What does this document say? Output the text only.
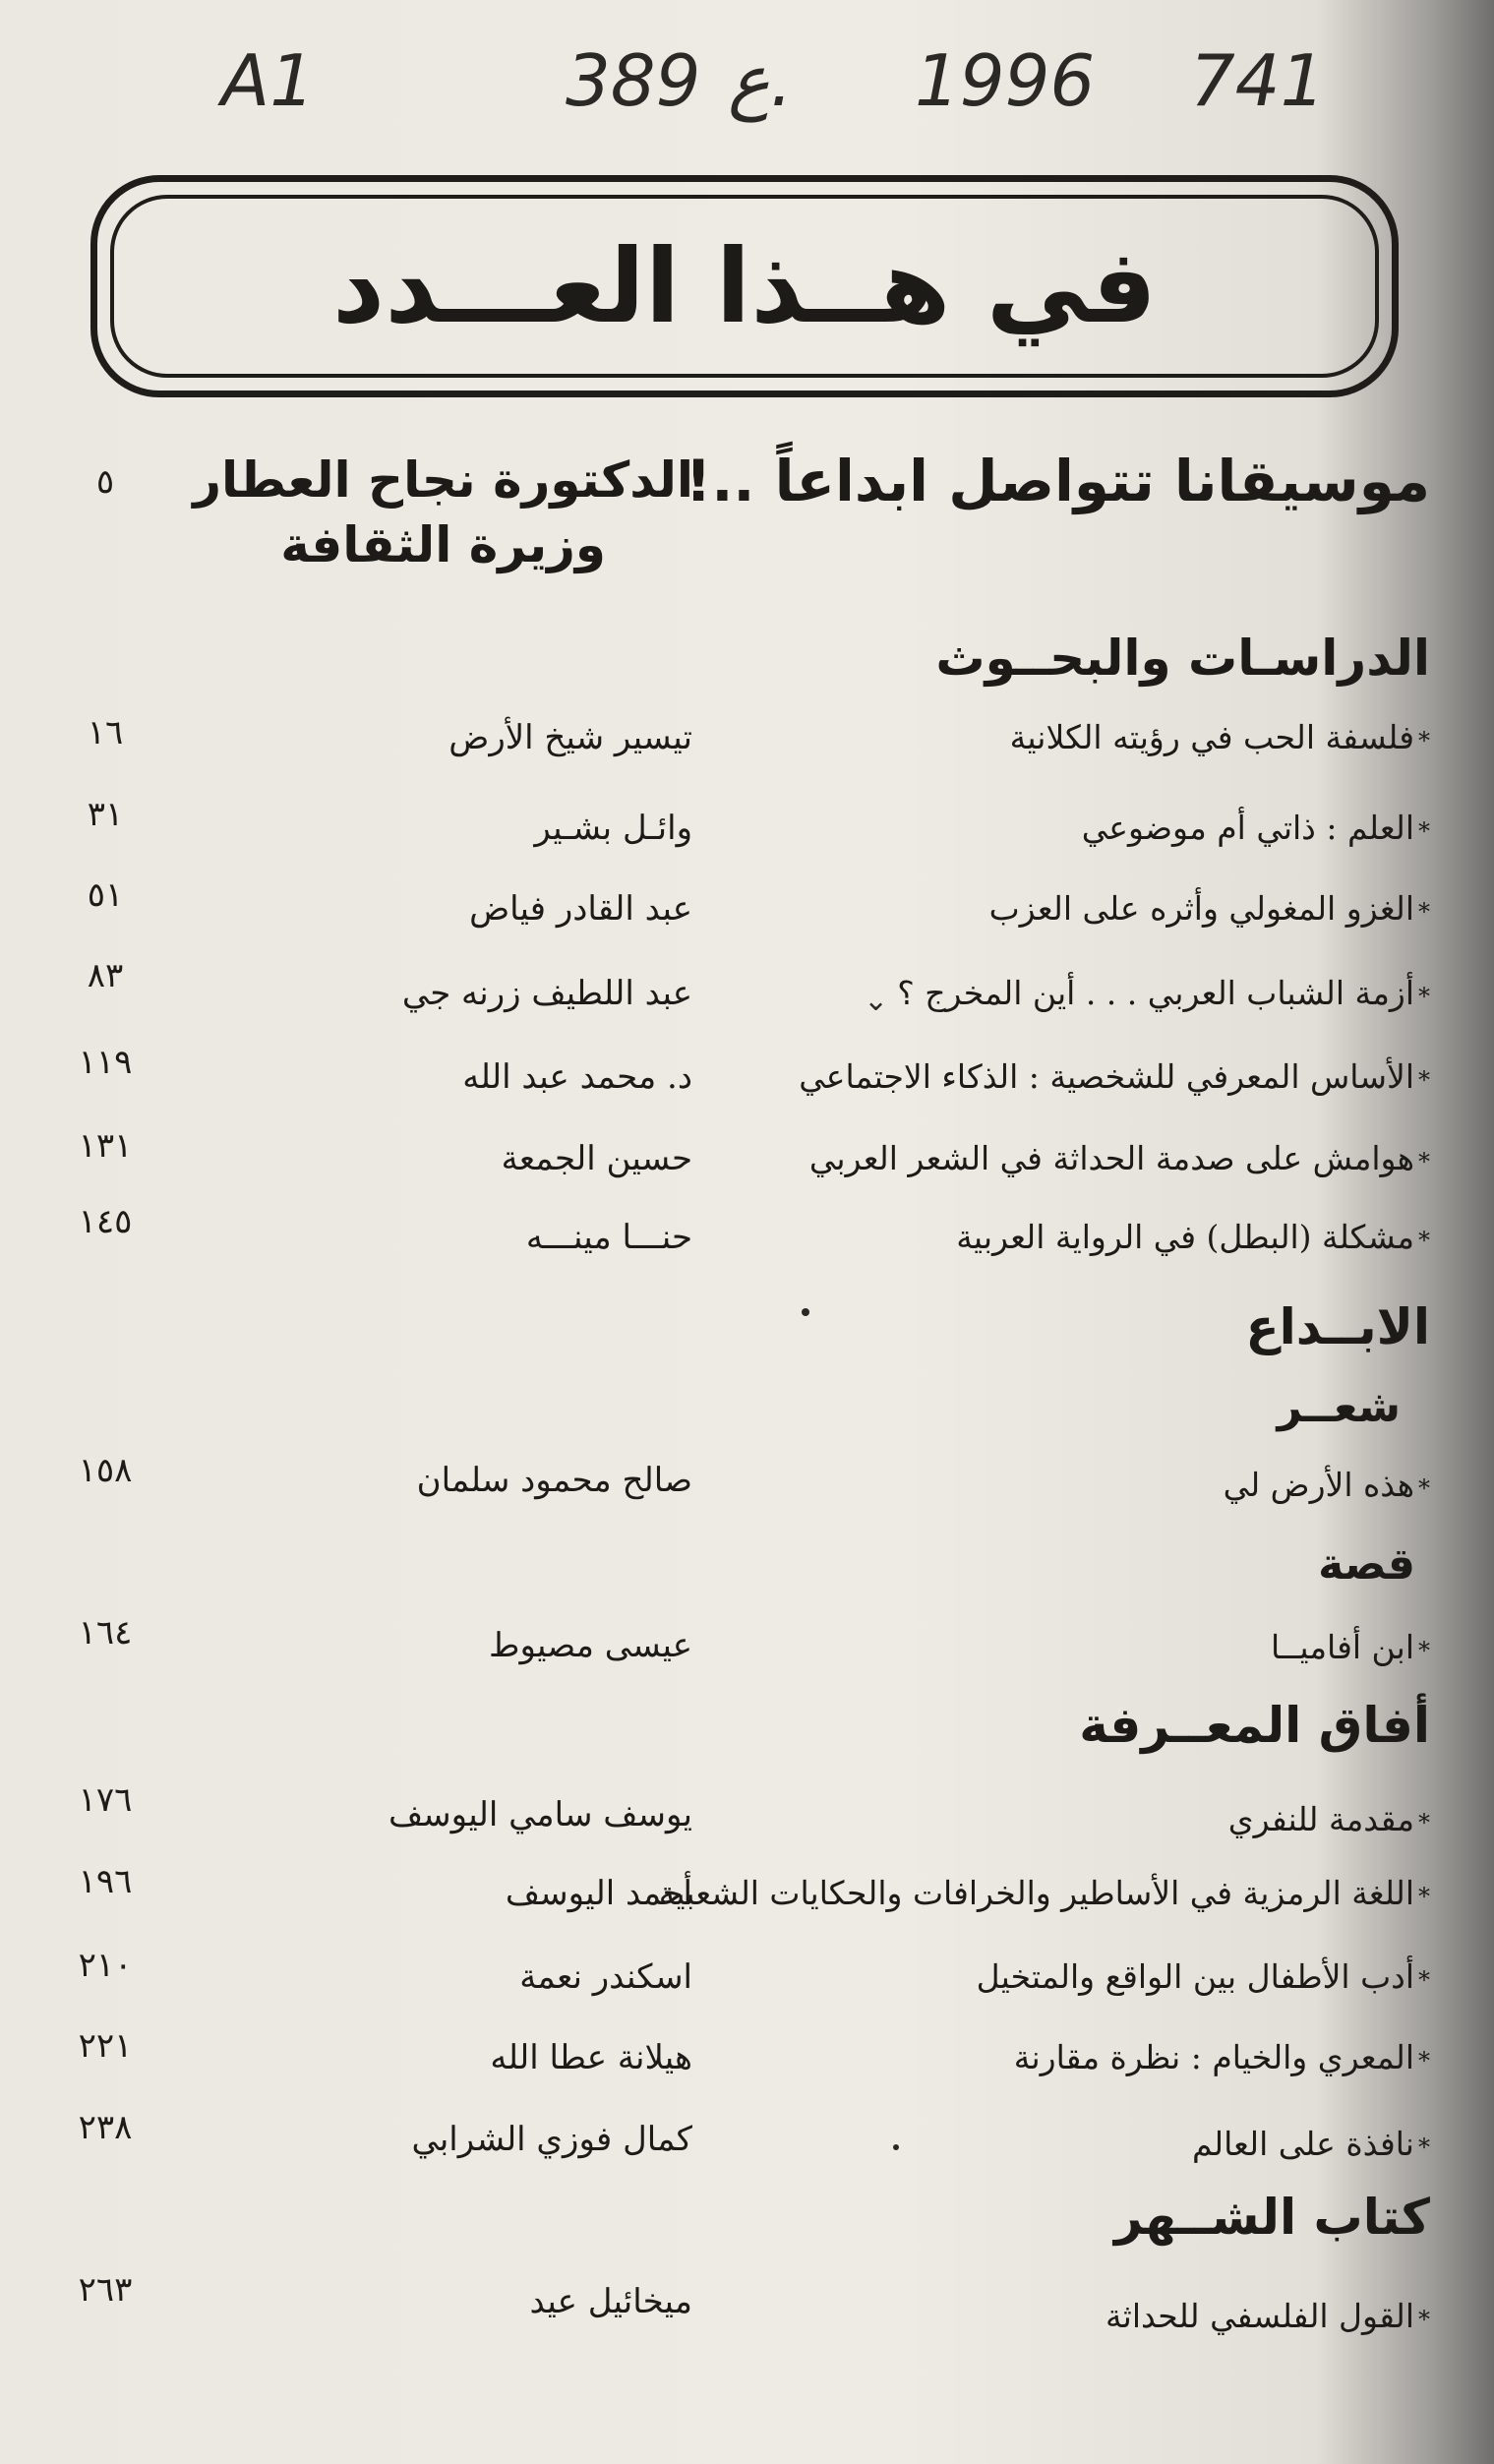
A1	389 ع. 1996 741
في هــذا العـــدد
موسيقانا تتواصل ابداعاً ..!
الدكتورة نجاح العطار
وزيرة الثقافة
٥
الدراسـات والبحــوث
*فلسفة الحب في رؤيته الكلانية
تيسير شيخ الأرض
١٦
*العلم : ذاتي أم موضوعي
وائـل بشـير
٣١
*الغزو المغولي وأثره على العزب
عبد القادر فياض
٥١
*أزمة الشباب العربي . . . أين المخرج ؟
عبد اللطيف زرنه جي
٨٣
⌄
*الأساس المعرفي للشخصية : الذكاء الاجتماعي
د. محمد عبد الله
١١٩
*هوامش على صدمة الحداثة في الشعر العربي
حسين الجمعة
١٣١
*مشكلة (البطل) في الرواية العربية
حنـــا مينـــه
١٤٥
الابــداع
شعــر
*هذه الأرض لي
صالح محمود سلمان
١٥٨
قصة
*ابن أفاميــا
عيسى مصيوط
١٦٤
أفاق المعــرفة
*مقدمة للنفري
يوسف سامي اليوسف
١٧٦
*اللغة الرمزية في الأساطير والخرافات والحكايات الشعبية
أحمد اليوسف
١٩٦
*أدب الأطفال بين الواقع والمتخيل
اسكندر نعمة
٢١٠
*المعري والخيام : نظرة مقارنة
هيلانة عطا الله
٢٢١
*نافذة على العالم
كمال فوزي الشرابي
٢٣٨
كتاب الشــهر
*القول الفلسفي للحداثة
ميخائيل عيد
٢٦٣
